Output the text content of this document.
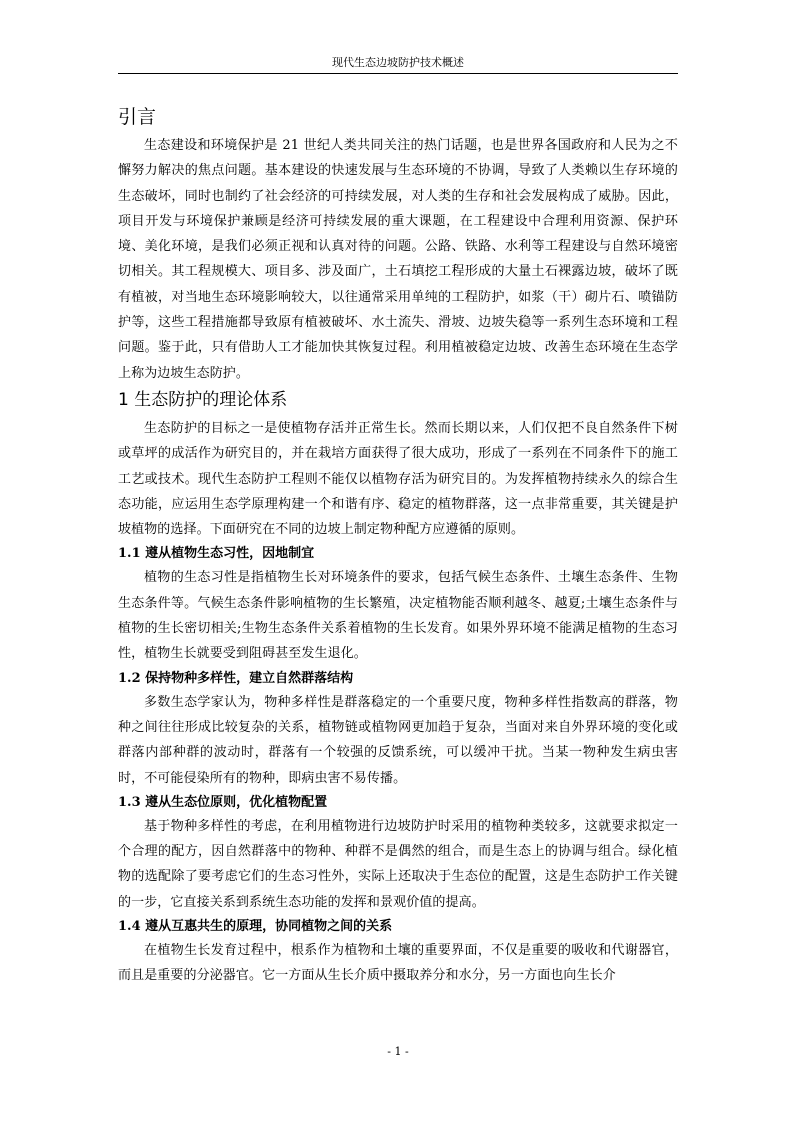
现代生态边坡防护技术概述
引言

生态建设和环境保护是 21 世纪人类共同关注的热门话题，也是世界各国政府和人民为之不懈努力解决的焦点问题。基本建设的快速发展与生态环境的不协调，导致了人类赖以生存环境的生态破坏，同时也制约了社会经济的可持续发展，对人类的生存和社会发展构成了威胁。因此，项目开发与环境保护兼顾是经济可持续发展的重大课题，在工程建设中合理利用资源、保护环境、美化环境，是我们必须正视和认真对待的问题。公路、铁路、水利等工程建设与自然环境密切相关。其工程规模大、项目多、涉及面广，土石填挖工程形成的大量土石裸露边坡，破坏了既有植被，对当地生态环境影响较大，以往通常采用单纯的工程防护，如浆（干）砌片石、喷锚防护等，这些工程措施都导致原有植被破坏、水土流失、滑坡、边坡失稳等一系列生态环境和工程问题。鉴于此，只有借助人工才能加快其恢复过程。利用植被稳定边坡、改善生态环境在生态学上称为边坡生态防护。

1 生态防护的理论体系

生态防护的目标之一是使植物存活并正常生长。然而长期以来，人们仅把不良自然条件下树或草坪的成活作为研究目的，并在栽培方面获得了很大成功，形成了一系列在不同条件下的施工工艺或技术。现代生态防护工程则不能仅以植物存活为研究目的。为发挥植物持续永久的综合生态功能，应运用生态学原理构建一个和谐有序、稳定的植物群落，这一点非常重要，其关键是护坡植物的选择。下面研究在不同的边坡上制定物种配方应遵循的原则。

1.1 遵从植物生态习性，因地制宜

植物的生态习性是指植物生长对环境条件的要求，包括气候生态条件、土壤生态条件、生物生态条件等。气候生态条件影响植物的生长繁殖，决定植物能否顺利越冬、越夏;土壤生态条件与植物的生长密切相关;生物生态条件关系着植物的生长发育。如果外界环境不能满足植物的生态习性，植物生长就要受到阻碍甚至发生退化。

1.2 保持物种多样性，建立自然群落结构

多数生态学家认为，物种多样性是群落稳定的一个重要尺度，物种多样性指数高的群落，物种之间往往形成比较复杂的关系，植物链或植物网更加趋于复杂，当面对来自外界环境的变化或群落内部种群的波动时，群落有一个较强的反馈系统，可以缓冲干扰。当某一物种发生病虫害时，不可能侵染所有的物种，即病虫害不易传播。

1.3 遵从生态位原则，优化植物配置

基于物种多样性的考虑，在利用植物进行边坡防护时采用的植物种类较多，这就要求拟定一个合理的配方，因自然群落中的物种、种群不是偶然的组合，而是生态上的协调与组合。绿化植物的选配除了要考虑它们的生态习性外，实际上还取决于生态位的配置，这是生态防护工作关键的一步，它直接关系到系统生态功能的发挥和景观价值的提高。

1.4 遵从互惠共生的原理，协同植物之间的关系

在植物生长发育过程中，根系作为植物和土壤的重要界面，不仅是重要的吸收和代谢器官，而且是重要的分泌器官。它一方面从生长介质中摄取养分和水分，另一方面也向生长介

- 1 -
